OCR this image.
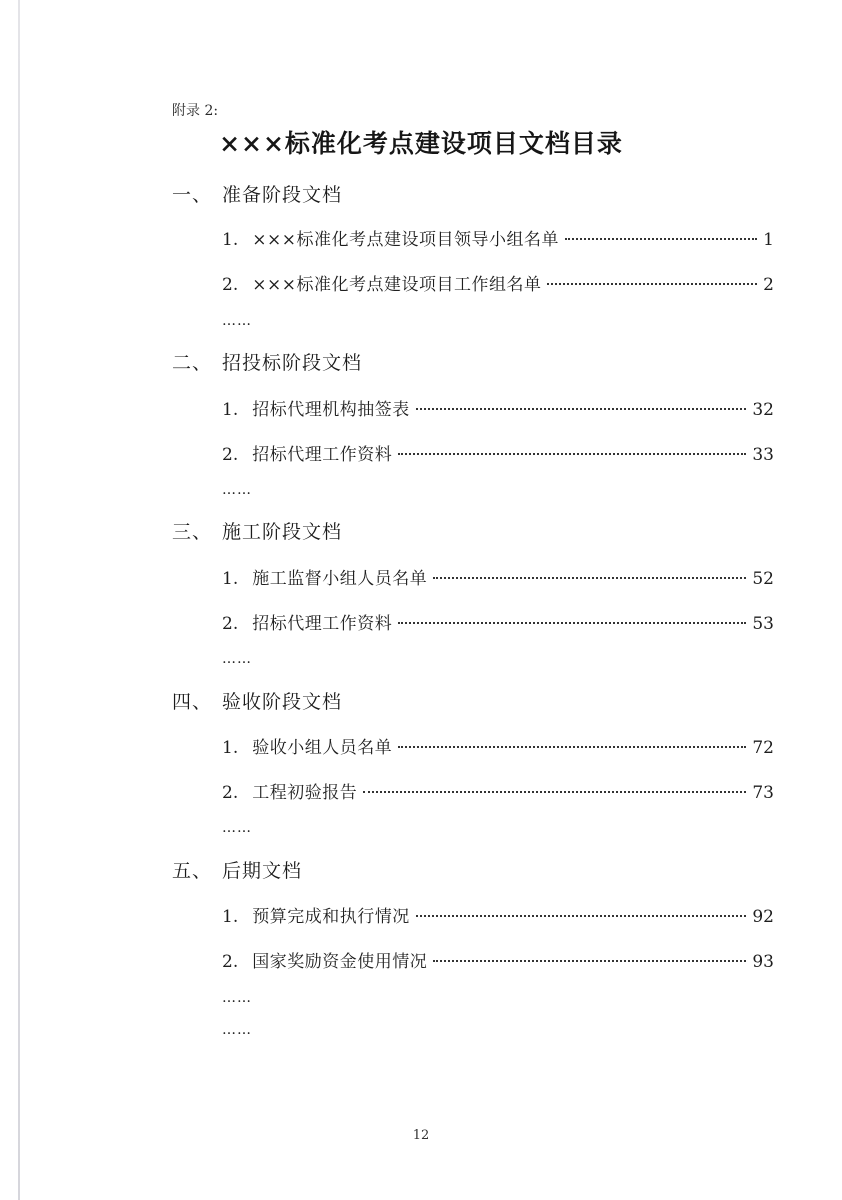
附录 2:
×××标准化考点建设项目文档目录
一、 准备阶段文档
1. ×××标准化考点建设项目领导小组名单	1
2. ×××标准化考点建设项目工作组名单	2
……
二、 招投标阶段文档
1. 招标代理机构抽签表	32
2. 招标代理工作资料	33
……
三、 施工阶段文档
1. 施工监督小组人员名单	52
2. 招标代理工作资料	53
……
四、 验收阶段文档
1. 验收小组人员名单	72
2. 工程初验报告	73
……
五、 后期文档
1. 预算完成和执行情况	92
2. 国家奖励资金使用情况	93
……
……
12
